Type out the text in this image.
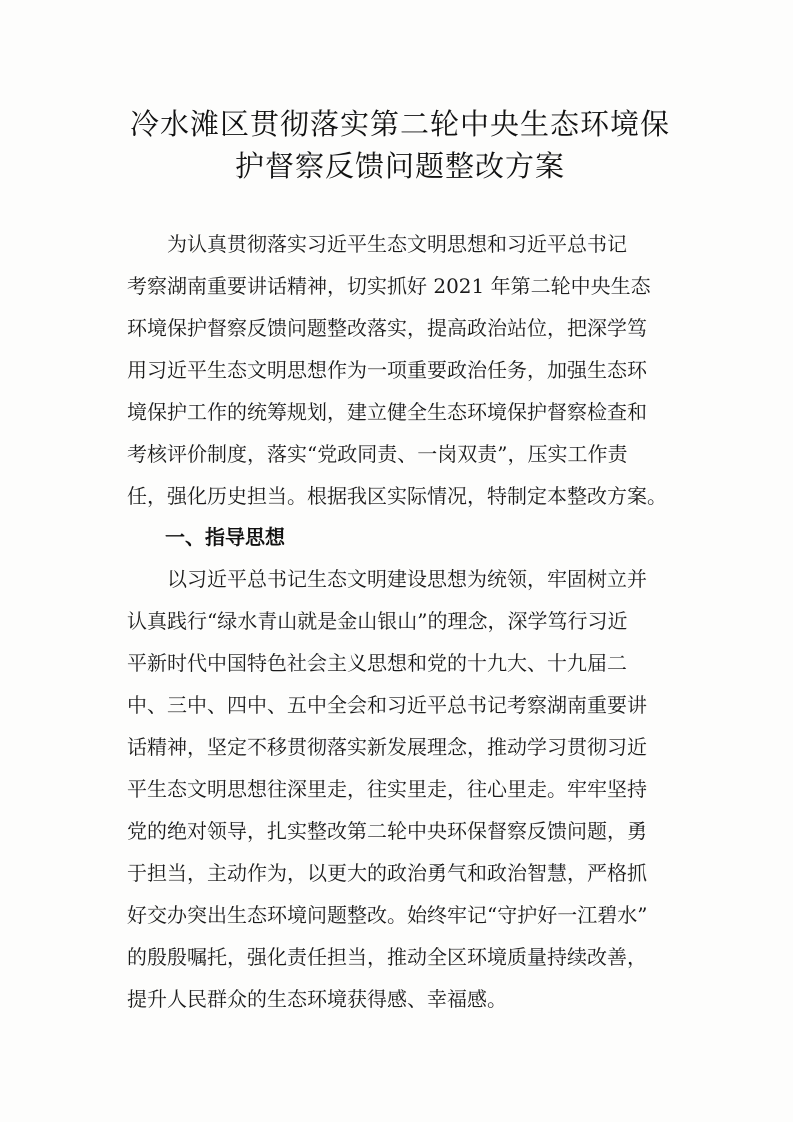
冷水滩区贯彻落实第二轮中央生态环境保
护督察反馈问题整改方案
　　为认真贯彻落实习近平生态文明思想和习近平总书记
考察湖南重要讲话精神，切实抓好 2021 年第二轮中央生态
环境保护督察反馈问题整改落实，提高政治站位，把深学笃
用习近平生态文明思想作为一项重要政治任务，加强生态环
境保护工作的统筹规划，建立健全生态环境保护督察检查和
考核评价制度，落实“党政同责、一岗双责”，压实工作责
任，强化历史担当。根据我区实际情况，特制定本整改方案。
一、指导思想
　　以习近平总书记生态文明建设思想为统领，牢固树立并
认真践行“绿水青山就是金山银山”的理念，深学笃行习近
平新时代中国特色社会主义思想和党的十九大、十九届二
中、三中、四中、五中全会和习近平总书记考察湖南重要讲
话精神，坚定不移贯彻落实新发展理念，推动学习贯彻习近
平生态文明思想往深里走，往实里走，往心里走。牢牢坚持
党的绝对领导，扎实整改第二轮中央环保督察反馈问题，勇
于担当，主动作为，以更大的政治勇气和政治智慧，严格抓
好交办突出生态环境问题整改。始终牢记“守护好一江碧水”
的殷殷嘱托，强化责任担当，推动全区环境质量持续改善，
提升人民群众的生态环境获得感、幸福感。
